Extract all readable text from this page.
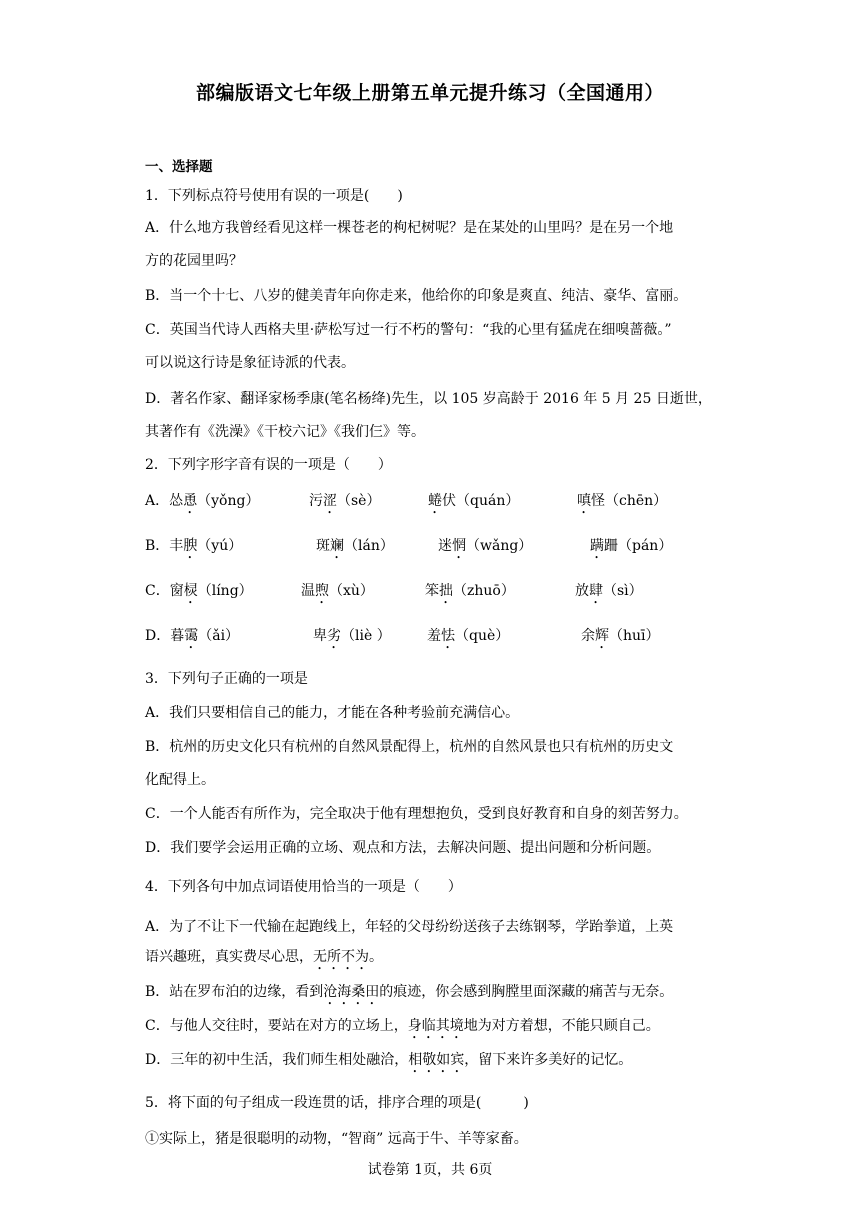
部编版语文七年级上册第五单元提升练习（全国通用）
一、选择题
1．下列标点符号使用有误的一项是(　　)
A．什么地方我曾经看见这样一棵苍老的枸杞树呢？是在某处的山里吗？是在另一个地
方的花园里吗？
B．当一个十七、八岁的健美青年向你走来，他给你的印象是爽直、纯洁、豪华、富丽。
C．英国当代诗人西格夫里·萨松写过一行不朽的警句：“我的心里有猛虎在细嗅蔷薇。”
可以说这行诗是象征诗派的代表。
D．著名作家、翻译家杨季康(笔名杨绛)先生，以 105 岁高龄于 2016 年 5 月 25 日逝世，
其著作有《洗澡》《干校六记》《我们仨》等。
2．下列字形字音有误的一项是（　　）
A．怂恿（yǒng）	污涩（sè）	蜷伏（quán）	嗔怪（chēn）
B．丰腴（yú）	斑斓（lán）	迷惘（wǎng）	蹒跚（pán）
C．窗棂（líng）	温煦（xù）	笨拙（zhuō）	放肆（sì）
D．暮霭（ǎi）	卑劣（liè ）	羞怯（què）	余辉（huī）
3．下列句子正确的一项是
A．我们只要相信自己的能力，才能在各种考验前充满信心。
B．杭州的历史文化只有杭州的自然风景配得上，杭州的自然风景也只有杭州的历史文
化配得上。
C．一个人能否有所作为，完全取决于他有理想抱负，受到良好教育和自身的刻苦努力。
D．我们要学会运用正确的立场、观点和方法，去解决问题、提出问题和分析问题。
4．下列各句中加点词语使用恰当的一项是（　　）
A．为了不让下一代输在起跑线上，年轻的父母纷纷送孩子去练钢琴，学跆拳道，上英
语兴趣班，真实费尽心思，无所不为。
B．站在罗布泊的边缘，看到沧海桑田的痕迹，你会感到胸膛里面深藏的痛苦与无奈。
C．与他人交往时，要站在对方的立场上，身临其境地为对方着想，不能只顾自己。
D．三年的初中生活，我们师生相处融洽，相敬如宾，留下来许多美好的记忆。
5．将下面的句子组成一段连贯的话，排序合理的项是(　　　)
①实际上，猪是很聪明的动物，“智商” 远高于牛、羊等家畜。
试卷第 1页，共 6页
